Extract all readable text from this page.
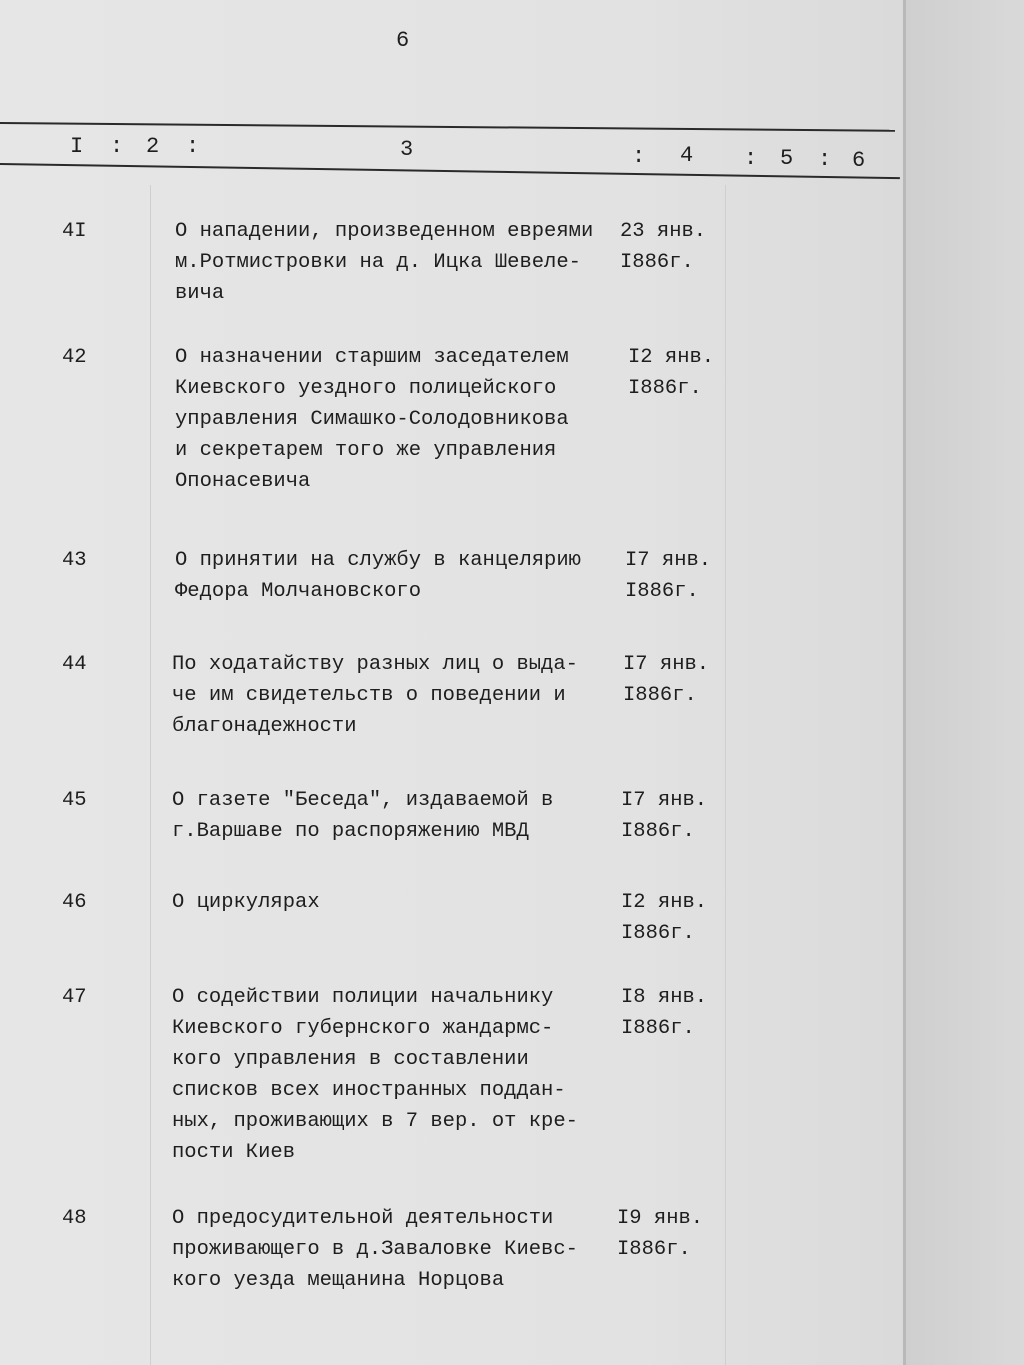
6
I : 2 :	3	: 4 : 5 : 6
4I	О нападении, произведенном евреями
м.Ротмистровки на д. Ицка Шевеле-
вича
23 янв.
I886г.
42	О назначении старшим заседателем
Киевского уездного полицейского
управления Симашко-Солодовникова
и секретарем того же управления
Опонасевича
I2 янв.
I886г.
43	О принятии на службу в канцелярию
Федора Молчановского
I7 янв.
I886г.
44	По ходатайству разных лиц о выда-
че им свидетельств о поведении и
благонадежности
I7 янв.
I886г.
45	О газете "Беседа", издаваемой в
г.Варшаве по распоряжению МВД
I7 янв.
I886г.
46	О циркулярах	I2 янв.
I886г.
47	О содействии полиции начальнику
Киевского губернского жандармс-
кого управления в составлении
списков всех иностранных поддан-
ных, проживающих в 7 вер. от кре-
пости Киев
I8 янв.
I886г.
48	О предосудительной деятельности
проживающего в д.Заваловке Киевс-
кого уезда мещанина Норцова
I9 янв.
I886г.
